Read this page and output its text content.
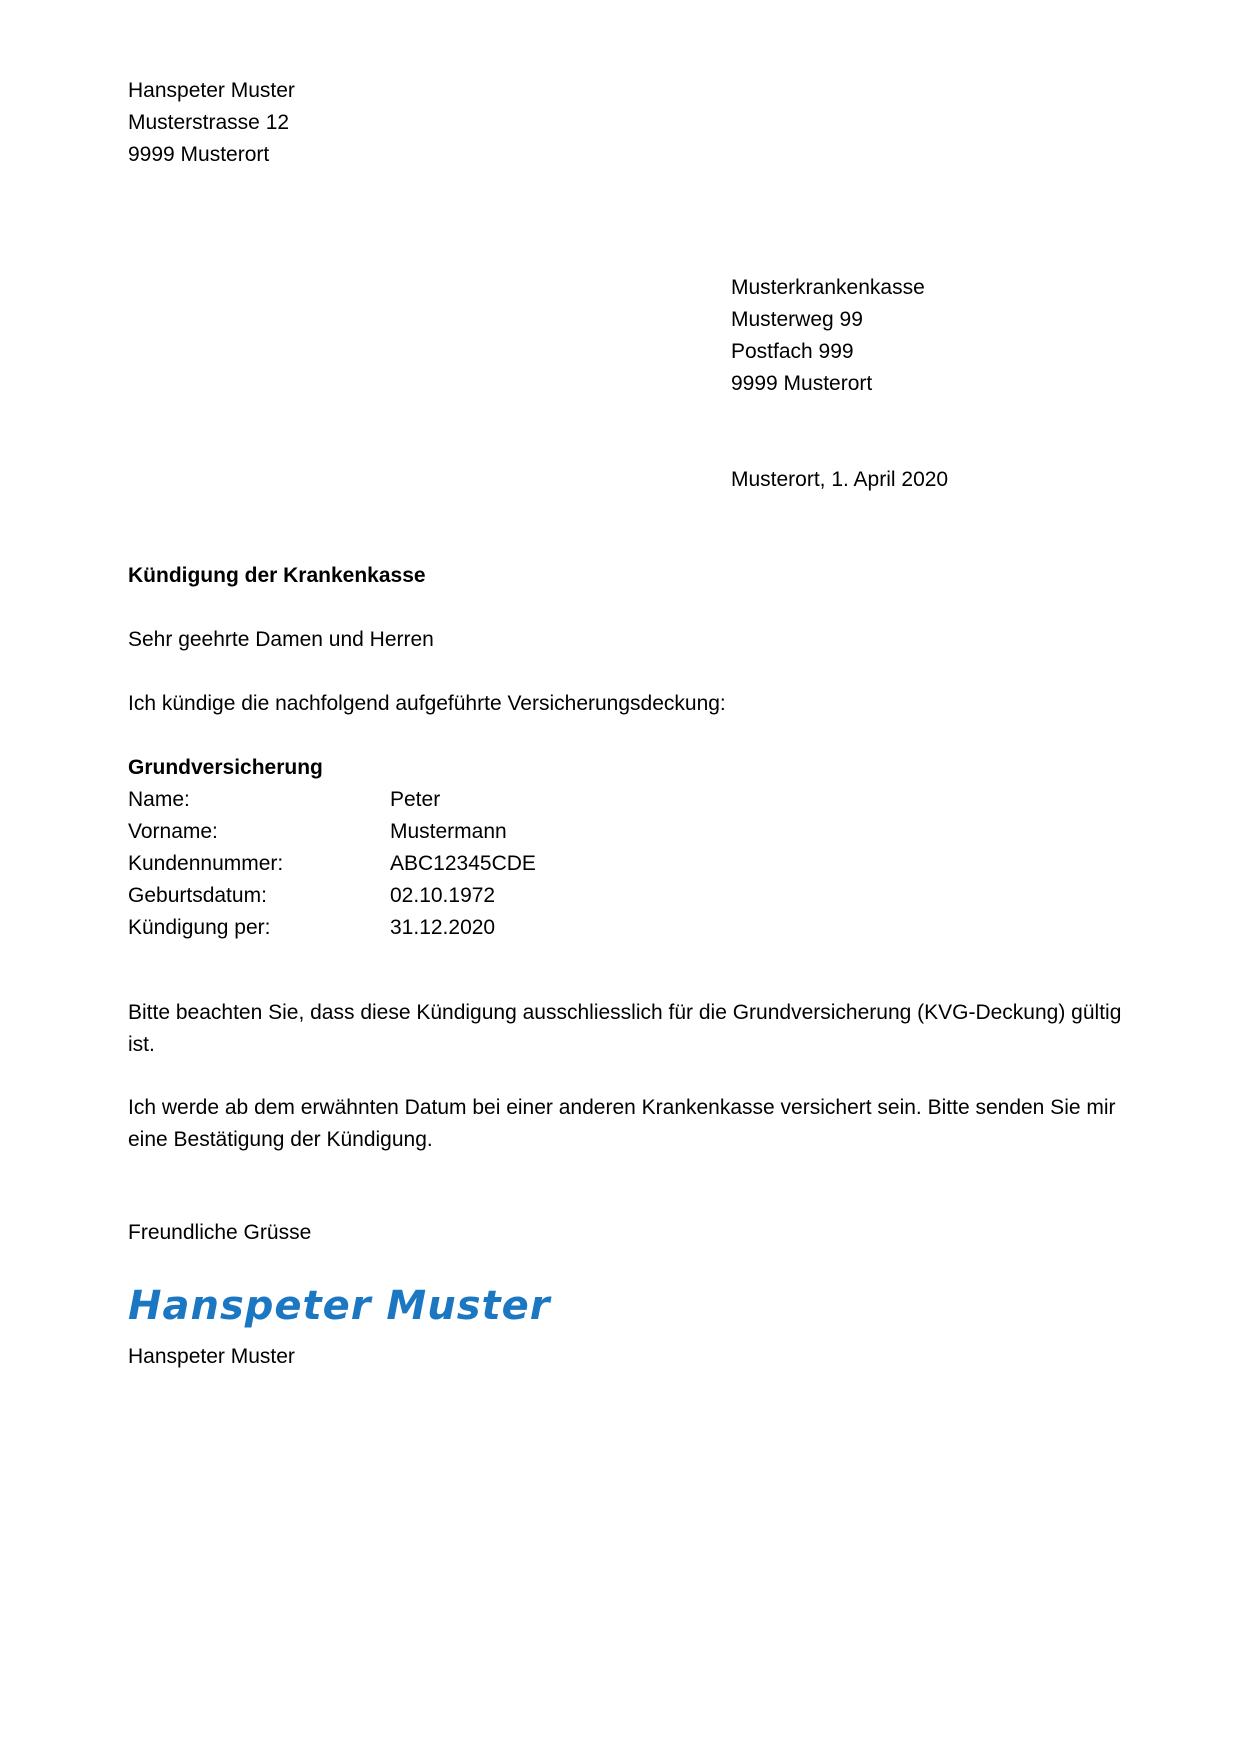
Hanspeter Muster
Musterstrasse 12
9999 Musterort
Musterkrankenkasse
Musterweg 99
Postfach 999
9999 Musterort
Musterort, 1. April 2020
Kündigung der Krankenkasse
Sehr geehrte Damen und Herren
Ich kündige die nachfolgend aufgeführte Versicherungsdeckung:
Grundversicherung
Name:	Peter
Vorname:	Mustermann
Kundennummer:	ABC12345CDE
Geburtsdatum:	02.10.1972
Kündigung per:	31.12.2020
Bitte beachten Sie, dass diese Kündigung ausschliesslich für die Grundversicherung (KVG-Deckung) gültig ist.
Ich werde ab dem erwähnten Datum bei einer anderen Krankenkasse versichert sein. Bitte senden Sie mir eine Bestätigung der Kündigung.
Freundliche Grüsse
Hanspeter Muster
Hanspeter Muster
